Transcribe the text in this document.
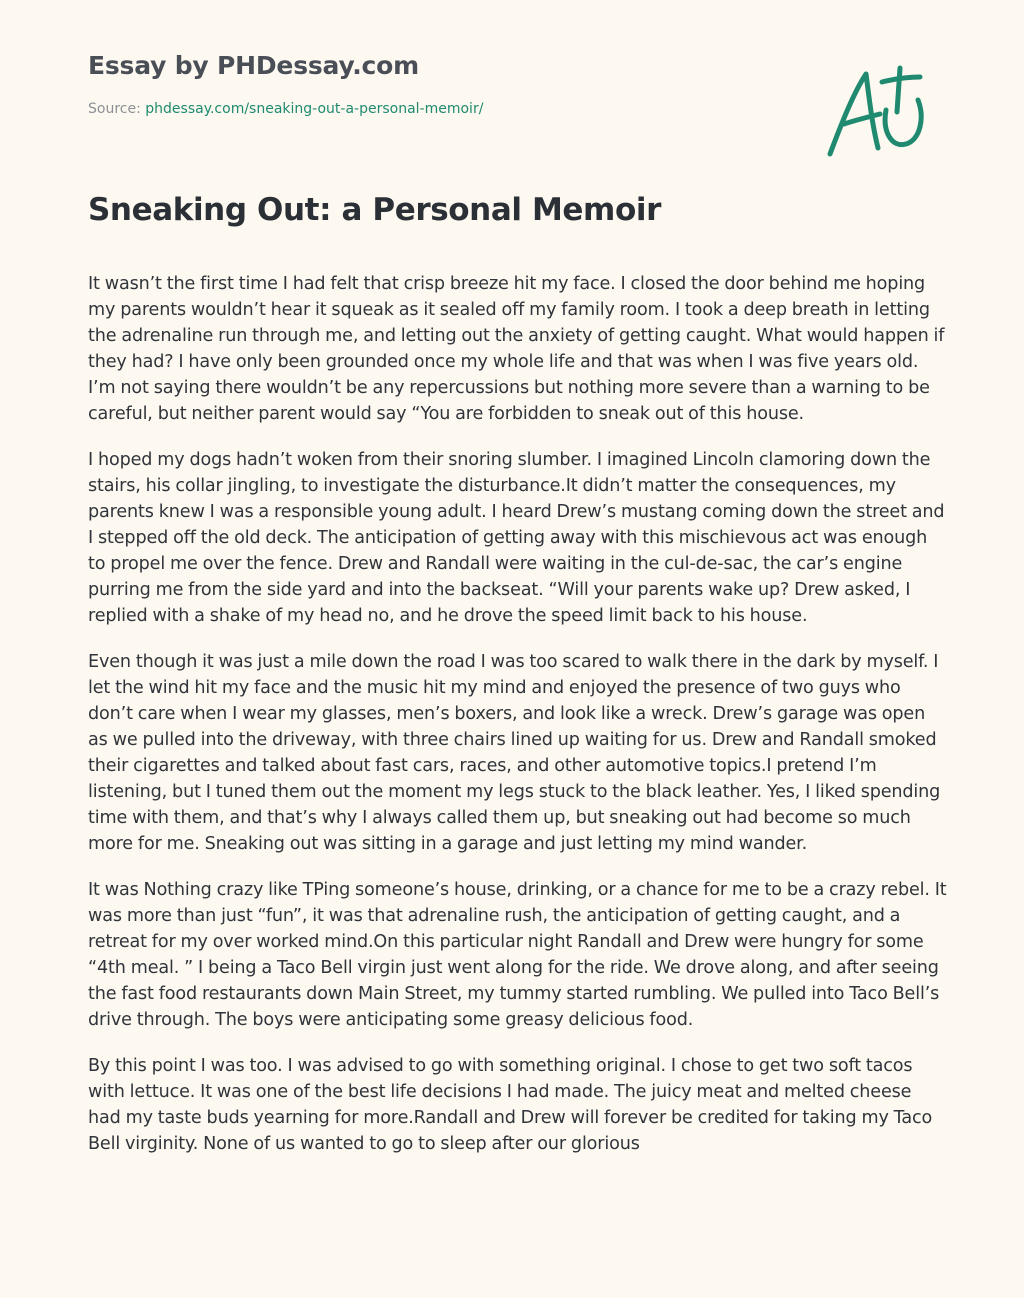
Essay by PHDessay.com
Source: phdessay.com/sneaking-out-a-personal-memoir/
Sneaking Out: a Personal Memoir

It wasn’t the first time I had felt that crisp breeze hit my face. I closed the door behind me hoping my parents wouldn’t hear it squeak as it sealed off my family room. I took a deep breath in letting the adrenaline run through me, and letting out the anxiety of getting caught. What would happen if they had? I have only been grounded once my whole life and that was when I was five years old. I’m not saying there wouldn’t be any repercussions but nothing more severe than a warning to be careful, but neither parent would say “You are forbidden to sneak out of this house.

I hoped my dogs hadn’t woken from their snoring slumber. I imagined Lincoln clamoring down the stairs, his collar jingling, to investigate the disturbance.It didn’t matter the consequences, my parents knew I was a responsible young adult. I heard Drew’s mustang coming down the street and I stepped off the old deck. The anticipation of getting away with this mischievous act was enough to propel me over the fence. Drew and Randall were waiting in the cul-de-sac, the car’s engine purring me from the side yard and into the backseat. “Will your parents wake up? Drew asked, I replied with a shake of my head no, and he drove the speed limit back to his house.

Even though it was just a mile down the road I was too scared to walk there in the dark by myself. I let the wind hit my face and the music hit my mind and enjoyed the presence of two guys who don’t care when I wear my glasses, men’s boxers, and look like a wreck. Drew’s garage was open as we pulled into the driveway, with three chairs lined up waiting for us. Drew and Randall smoked their cigarettes and talked about fast cars, races, and other automotive topics.I pretend I’m listening, but I tuned them out the moment my legs stuck to the black leather. Yes, I liked spending time with them, and that’s why I always called them up, but sneaking out had become so much more for me. Sneaking out was sitting in a garage and just letting my mind wander.

It was Nothing crazy like TPing someone’s house, drinking, or a chance for me to be a crazy rebel. It was more than just “fun”, it was that adrenaline rush, the anticipation of getting caught, and a retreat for my over worked mind.On this particular night Randall and Drew were hungry for some “4th meal. ” I being a Taco Bell virgin just went along for the ride. We drove along, and after seeing the fast food restaurants down Main Street, my tummy started rumbling. We pulled into Taco Bell’s drive through. The boys were anticipating some greasy delicious food.

By this point I was too. I was advised to go with something original. I chose to get two soft tacos with lettuce. It was one of the best life decisions I had made. The juicy meat and melted cheese had my taste buds yearning for more.Randall and Drew will forever be credited for taking my Taco Bell virginity. None of us wanted to go to sleep after our glorious
